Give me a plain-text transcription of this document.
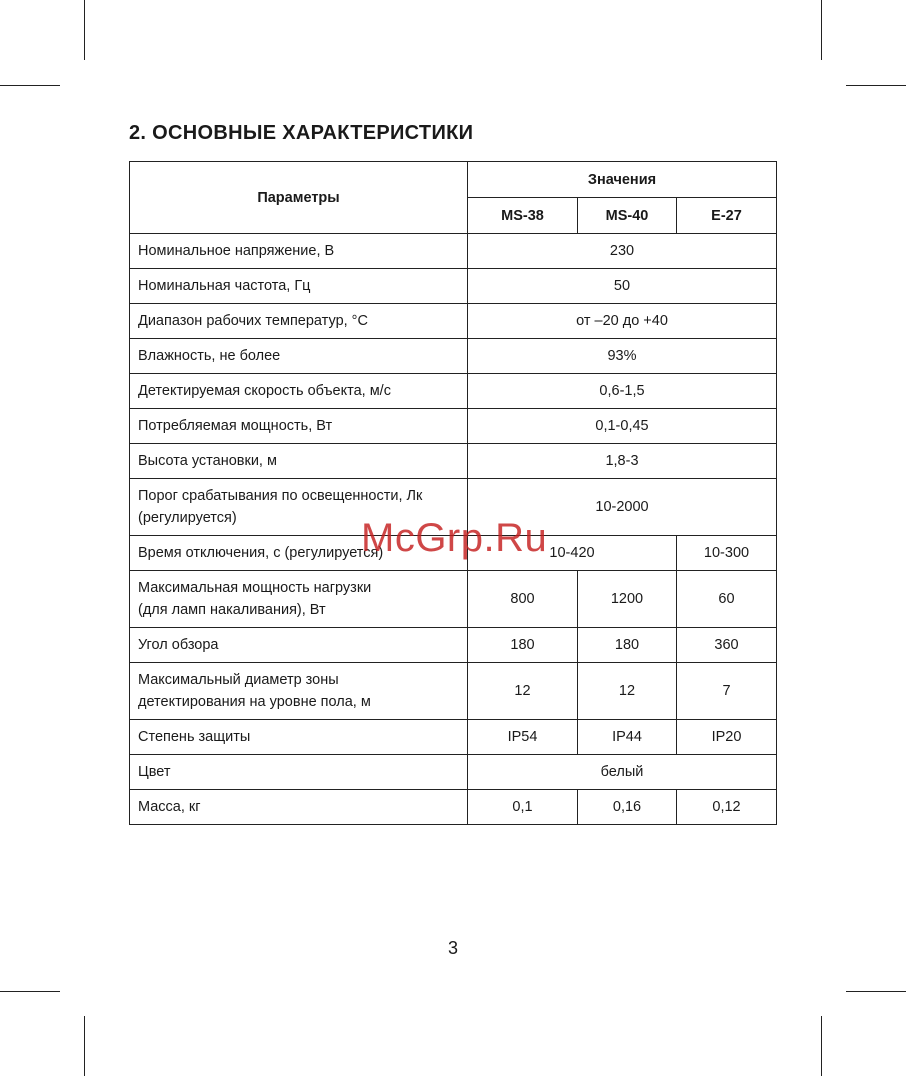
2. ОСНОВНЫЕ ХАРАКТЕРИСТИКИ
Параметры	Значения		
	MS-38	MS-40	E-27
Номинальное напряжение, В	230		
Номинальная частота, Гц	50		
Диапазон рабочих температур, °С	от –20 до +40		
Влажность, не более	93%		
Детектируемая скорость объекта, м/с	0,6-1,5		
Потребляемая мощность, Вт	0,1-0,45		
Высота установки, м	1,8-3		

Порог срабатывания по освещенности, Лк
(регулируется)	10-2000		
Время отключения, с (регулируется)	10-420		10-300

Максимальная мощность нагрузки
(для ламп накаливания), Вт	800	1200	60
Угол обзора	180	180	360

Максимальный диаметр зоны
детектирования на уровне пола, м	12	12	7
Степень защиты	IP54	IP44	IP20
Цвет	белый		
Масса, кг	0,1	0,16	0,12
McGrp.Ru
3
